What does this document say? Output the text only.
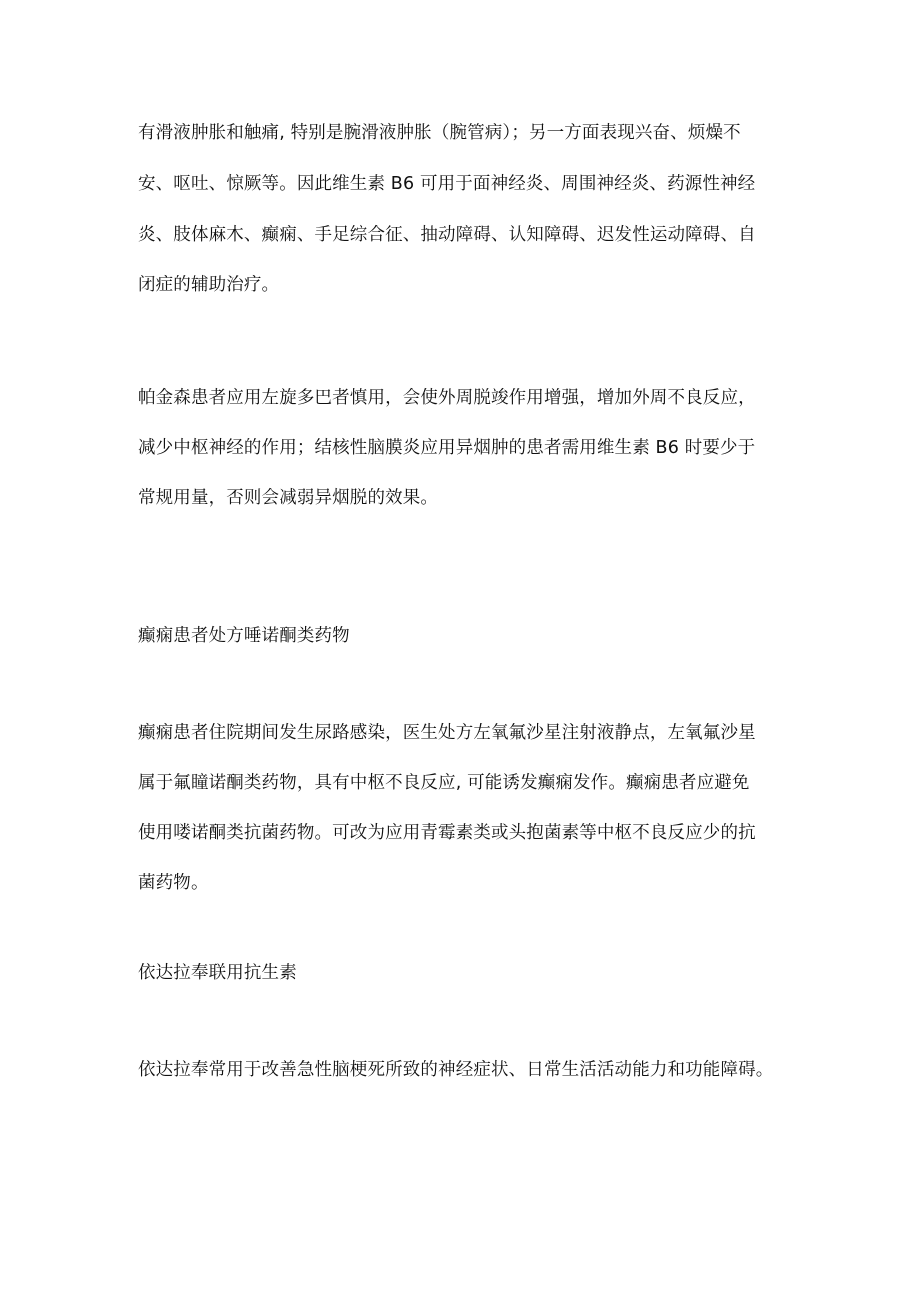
有滑液肿胀和触痛, 特别是腕滑液肿胀（腕管病）；另一方面表现兴奋、烦燥不
安、呕吐、惊厥等。因此维生素 B6 可用于面神经炎、周围神经炎、药源性神经
炎、肢体麻木、癫痫、手足综合征、抽动障碍、认知障碍、迟发性运动障碍、自
闭症的辅助治疗。
帕金森患者应用左旋多巴者慎用，会使外周脱竣作用增强，增加外周不良反应，
减少中枢神经的作用；结核性脑膜炎应用异烟肿的患者需用维生素 B6 时要少于
常规用量，否则会减弱异烟脱的效果。
癫痫患者处方唾诺酮类药物
癫痫患者住院期间发生尿路感染，医生处方左氧氟沙星注射液静点，左氧氟沙星
属于氟瞳诺酮类药物，具有中枢不良反应, 可能诱发癫痫发作。癫痫患者应避免
使用喽诺酮类抗菌药物。可改为应用青霉素类或头抱菌素等中枢不良反应少的抗
菌药物。
依达拉奉联用抗生素
依达拉奉常用于改善急性脑梗死所致的神经症状、日常生活活动能力和功能障碍。
